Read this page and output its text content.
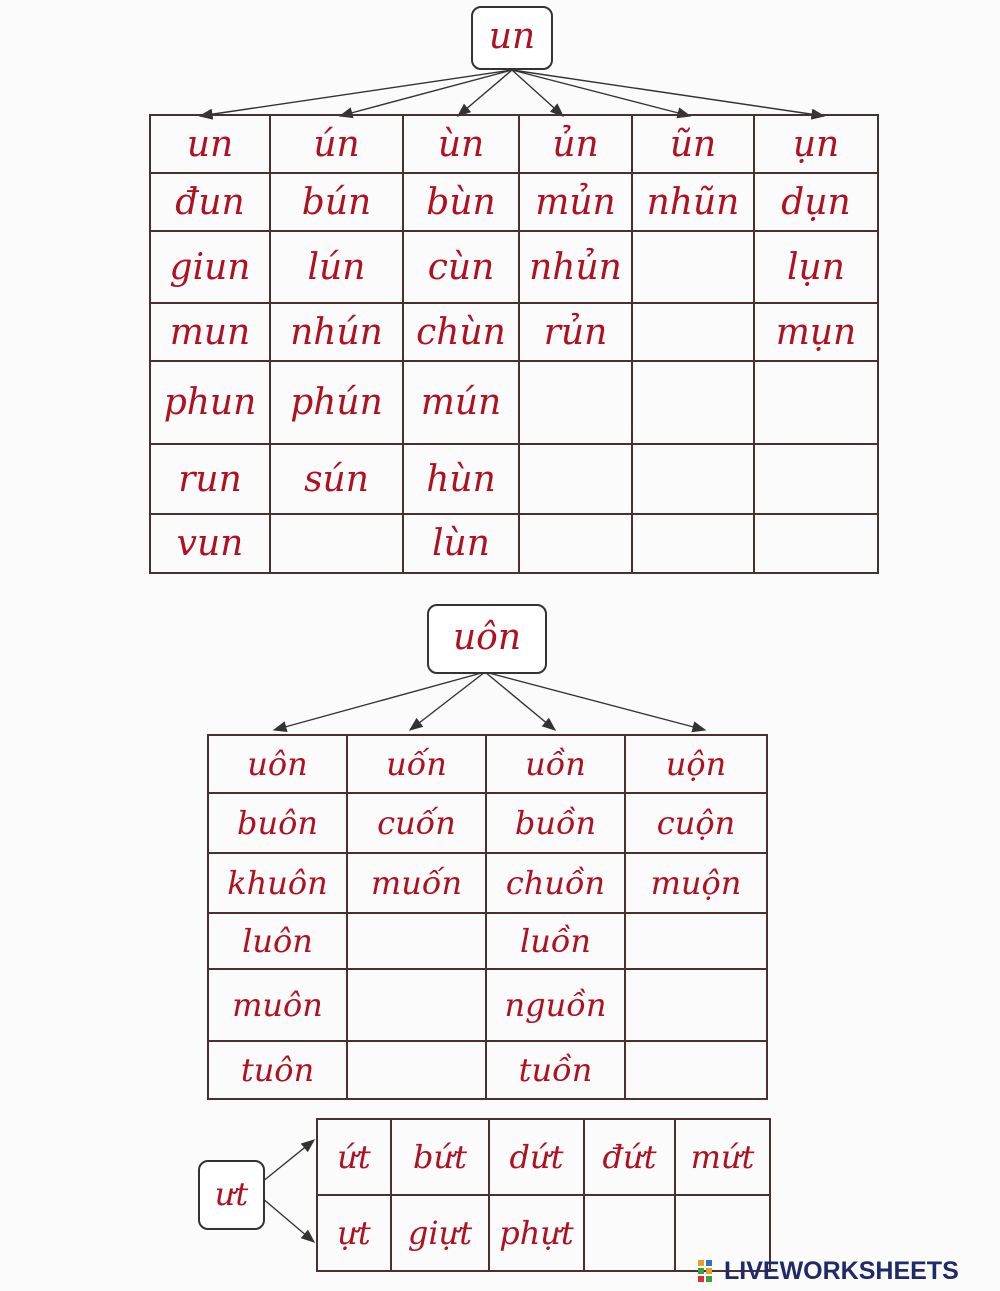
un
un	ún	ùn	ủn	ũn	ụn
đun	bún	bùn	mủn	nhũn	dụn
giun	lún	cùn	nhủn		lụn
mun	nhún	chùn	rủn		mụn
phun	phún	mún			
run	sún	hùn			
vun		lùn			
uôn
uôn	uốn	uồn	uộn
buôn	cuốn	buồn	cuộn
khuôn	muốn	chuồn	muộn
luôn		luồn	
muôn		nguồn	
tuôn		tuồn	
ưt
ứt	bứt	dứt	đứt	mứt
ựt	giựt	phựt		
LIVEWORKSHEETS
